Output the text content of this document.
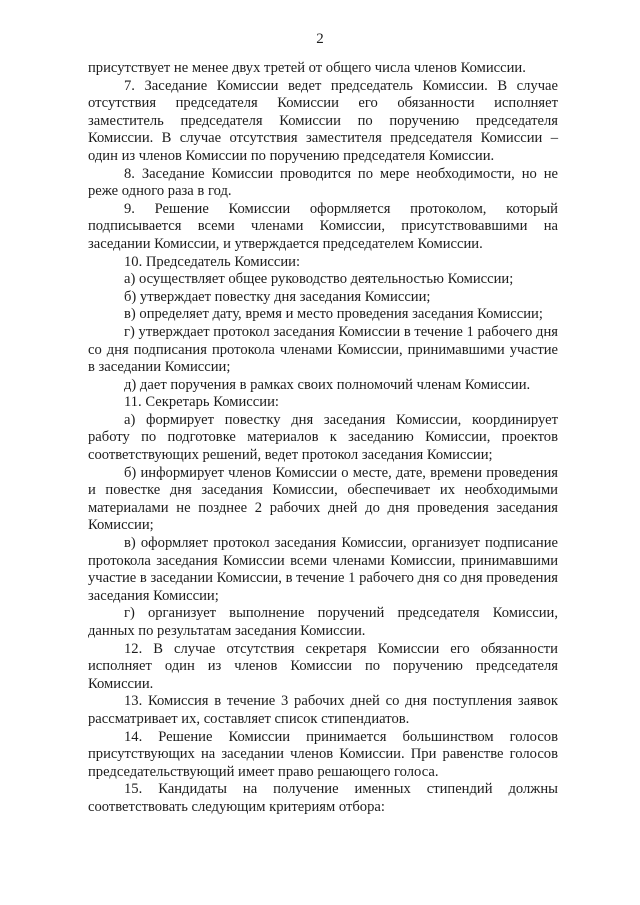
2

присутствует не менее двух третей от общего числа членов Комиссии.

7. Заседание Комиссии ведет председатель Комиссии. В случае отсутствия председателя Комиссии его обязанности исполняет заместитель председателя Комиссии по поручению председателя Комиссии. В случае отсутствия заместителя председателя Комиссии – один из членов Комиссии по поручению председателя Комиссии.

8. Заседание Комиссии проводится по мере необходимости, но не реже одного раза в год.

9. Решение Комиссии оформляется протоколом, который подписывается всеми членами Комиссии, присутствовавшими на заседании Комиссии, и утверждается председателем Комиссии.

10. Председатель Комиссии:

а) осуществляет общее руководство деятельностью Комиссии;

б) утверждает повестку дня заседания Комиссии;

в) определяет дату, время и место проведения заседания Комиссии;

г) утверждает протокол заседания Комиссии в течение 1 рабочего дня со дня подписания протокола членами Комиссии, принимавшими участие в заседании Комиссии;

д) дает поручения в рамках своих полномочий членам Комиссии.

11. Секретарь Комиссии:

а) формирует повестку дня заседания Комиссии, координирует работу по подготовке материалов к заседанию Комиссии, проектов соответствующих решений, ведет протокол заседания Комиссии;

б) информирует членов Комиссии о месте, дате, времени проведения и повестке дня заседания Комиссии, обеспечивает их необходимыми материалами не позднее 2 рабочих дней до дня проведения заседания Комиссии;

в) оформляет протокол заседания Комиссии, организует подписание протокола заседания Комиссии всеми членами Комиссии, принимавшими участие в заседании Комиссии, в течение 1 рабочего дня со дня проведения заседания Комиссии;

г) организует выполнение поручений председателя Комиссии, данных по результатам заседания Комиссии.

12. В случае отсутствия секретаря Комиссии его обязанности исполняет один из членов Комиссии по поручению председателя Комиссии.

13. Комиссия в течение 3 рабочих дней со дня поступления заявок рассматривает их, составляет список стипендиатов.

14. Решение Комиссии принимается большинством голосов присутствующих на заседании членов Комиссии. При равенстве голосов председательствующий имеет право решающего голоса.

15. Кандидаты на получение именных стипендий должны соответствовать следующим критериям отбора:
